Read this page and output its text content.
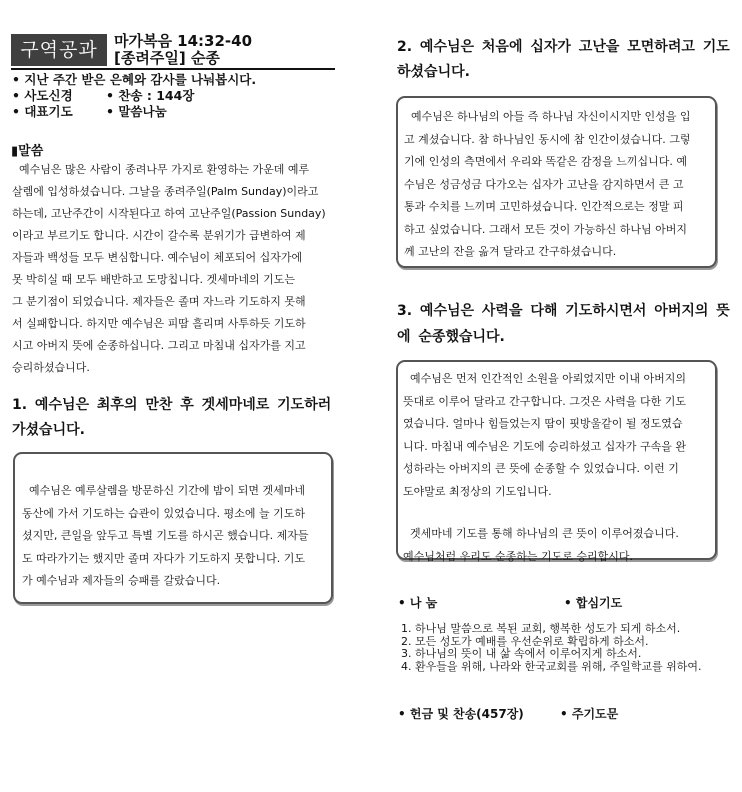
구역공과	마가복음 14:32-40
[종려주일] 순종
• 지난 주간 받은 은혜와 감사를 나눠봅시다.
• 사도신경	• 찬송 : 144장
• 대표기도	• 말씀나눔
▮말씀
예수님은 많은 사람이 종려나무 가지로 환영하는 가운데 예루
살렘에 입성하셨습니다. 그날을 종려주일(Palm Sunday)이라고
하는데, 고난주간이 시작된다고 하여 고난주일(Passion Sunday)
이라고 부르기도 합니다. 시간이 갈수록 분위기가 급변하여 제
자들과 백성들 모두 변심합니다. 예수님이 체포되어 십자가에
못 박히실 때 모두 배반하고 도망칩니다. 겟세마네의 기도는
그 분기점이 되었습니다. 제자들은 졸며 자느라 기도하지 못해
서 실패합니다. 하지만 예수님은 피땀 흘리며 사투하듯 기도하
시고 아버지 뜻에 순종하십니다. 그리고 마침내 십자가를 지고
승리하셨습니다.
1. 예수님은 최후의 만찬 후 겟세마네로 기도하러
가셨습니다.
예수님은 예루살렘을 방문하신 기간에 밤이 되면 겟세마네
동산에 가서 기도하는 습관이 있었습니다. 평소에 늘 기도하
셨지만, 큰일을 앞두고 특별 기도를 하시곤 했습니다. 제자들
도 따라가기는 했지만 졸며 자다가 기도하지 못합니다. 기도
가 예수님과 제자들의 승패를 갈랐습니다.
2. 예수님은 처음에 십자가 고난을 모면하려고 기도
하셨습니다.
예수님은 하나님의 아들 즉 하나님 자신이시지만 인성을 입
고 계셨습니다. 참 하나님인 동시에 참 인간이셨습니다. 그렇
기에 인성의 측면에서 우리와 똑같은 감정을 느끼십니다. 예
수님은 성금성금 다가오는 십자가 고난을 감지하면서 큰 고
통과 수치를 느끼며 고민하셨습니다. 인간적으로는 정말 피
하고 싶었습니다. 그래서 모든 것이 가능하신 하나님 아버지
께 고난의 잔을 옮겨 달라고 간구하셨습니다.
3. 예수님은 사력을 다해 기도하시면서 아버지의 뜻
에 순종했습니다.
예수님은 먼저 인간적인 소원을 아뢰었지만 이내 아버지의
뜻대로 이루어 달라고 간구합니다. 그것은 사력을 다한 기도
였습니다. 얼마나 힘들었는지 땀이 핏방울같이 될 정도였습
니다. 마침내 예수님은 기도에 승리하셨고 십자가 구속을 완
성하라는 아버지의 큰 뜻에 순종할 수 있었습니다. 이런 기
도야말로 최정상의 기도입니다.
겟세마네 기도를 통해 하나님의 큰 뜻이 이루어졌습니다.
예수님처럼 우리도 순종하는 기도로 승리합시다.
• 나 눔	• 합심기도
1. 하나님 말씀으로 복된 교회, 행복한 성도가 되게 하소서.
2. 모든 성도가 예배를 우선순위로 확립하게 하소서.
3. 하나님의 뜻이 내 삶 속에서 이루어지게 하소서.
4. 환우들을 위해, 나라와 한국교회를 위해, 주일학교를 위하여.
• 헌금 및 찬송(457장)	• 주기도문
